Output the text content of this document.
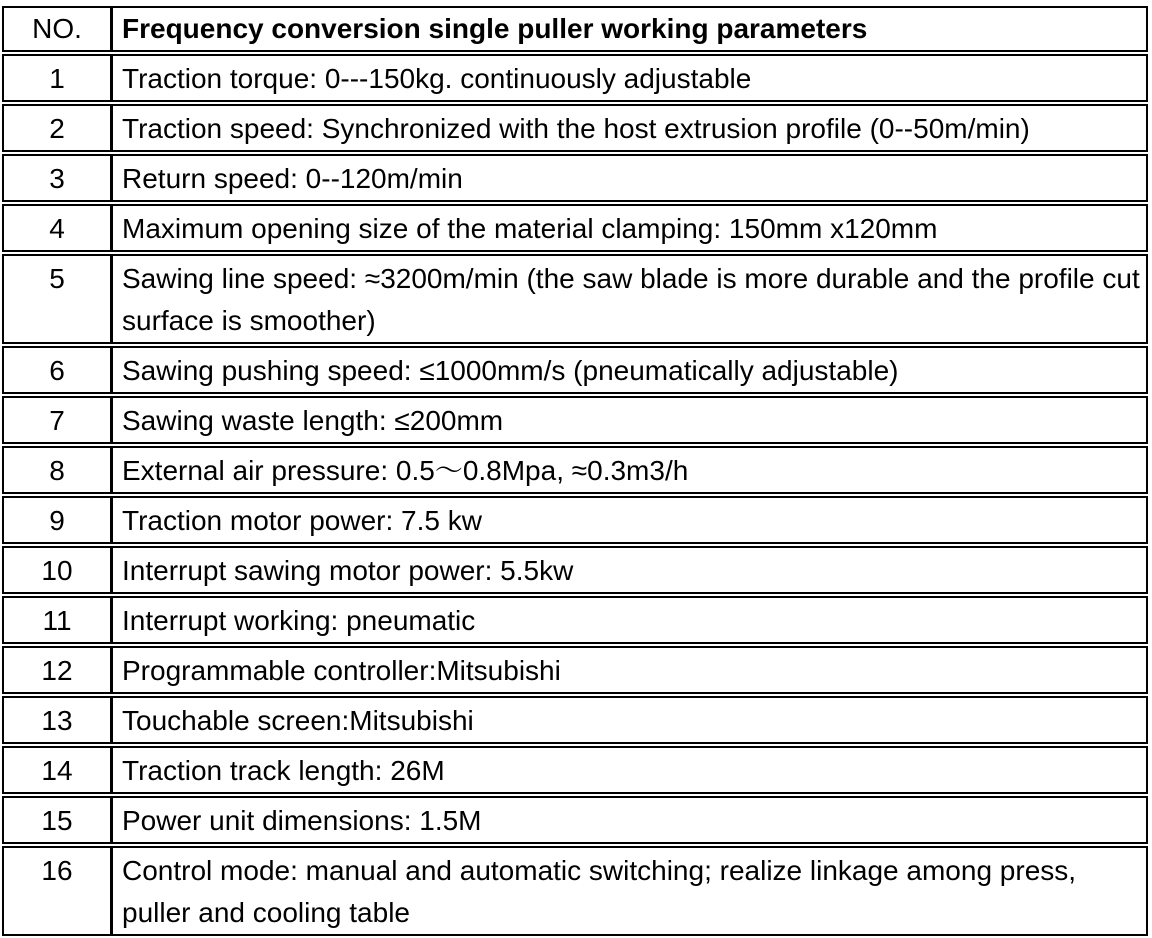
NO.	Frequency conversion single puller working parameters
1	Traction torque: 0---150kg. continuously adjustable
2	Traction speed: Synchronized with the host extrusion profile (0--50m/min)
3	Return speed: 0--120m/min
4	Maximum opening size of the material clamping: 150mm x120mm
5	Sawing line speed: ≈3200m/min (the saw blade is more durable and the profile cut surface is smoother)
6	Sawing pushing speed: ≤1000mm/s (pneumatically adjustable)
7	Sawing waste length: ≤200mm
8	External air pressure: 0.5～0.8Mpa, ≈0.3m3/h
9	Traction motor power: 7.5 kw
10	Interrupt sawing motor power: 5.5kw
11	Interrupt working: pneumatic
12	Programmable controller:Mitsubishi
13	Touchable screen:Mitsubishi
14	Traction track length: 26M
15	Power unit dimensions: 1.5M
16	Control mode: manual and automatic switching; realize linkage among press, puller and cooling table
